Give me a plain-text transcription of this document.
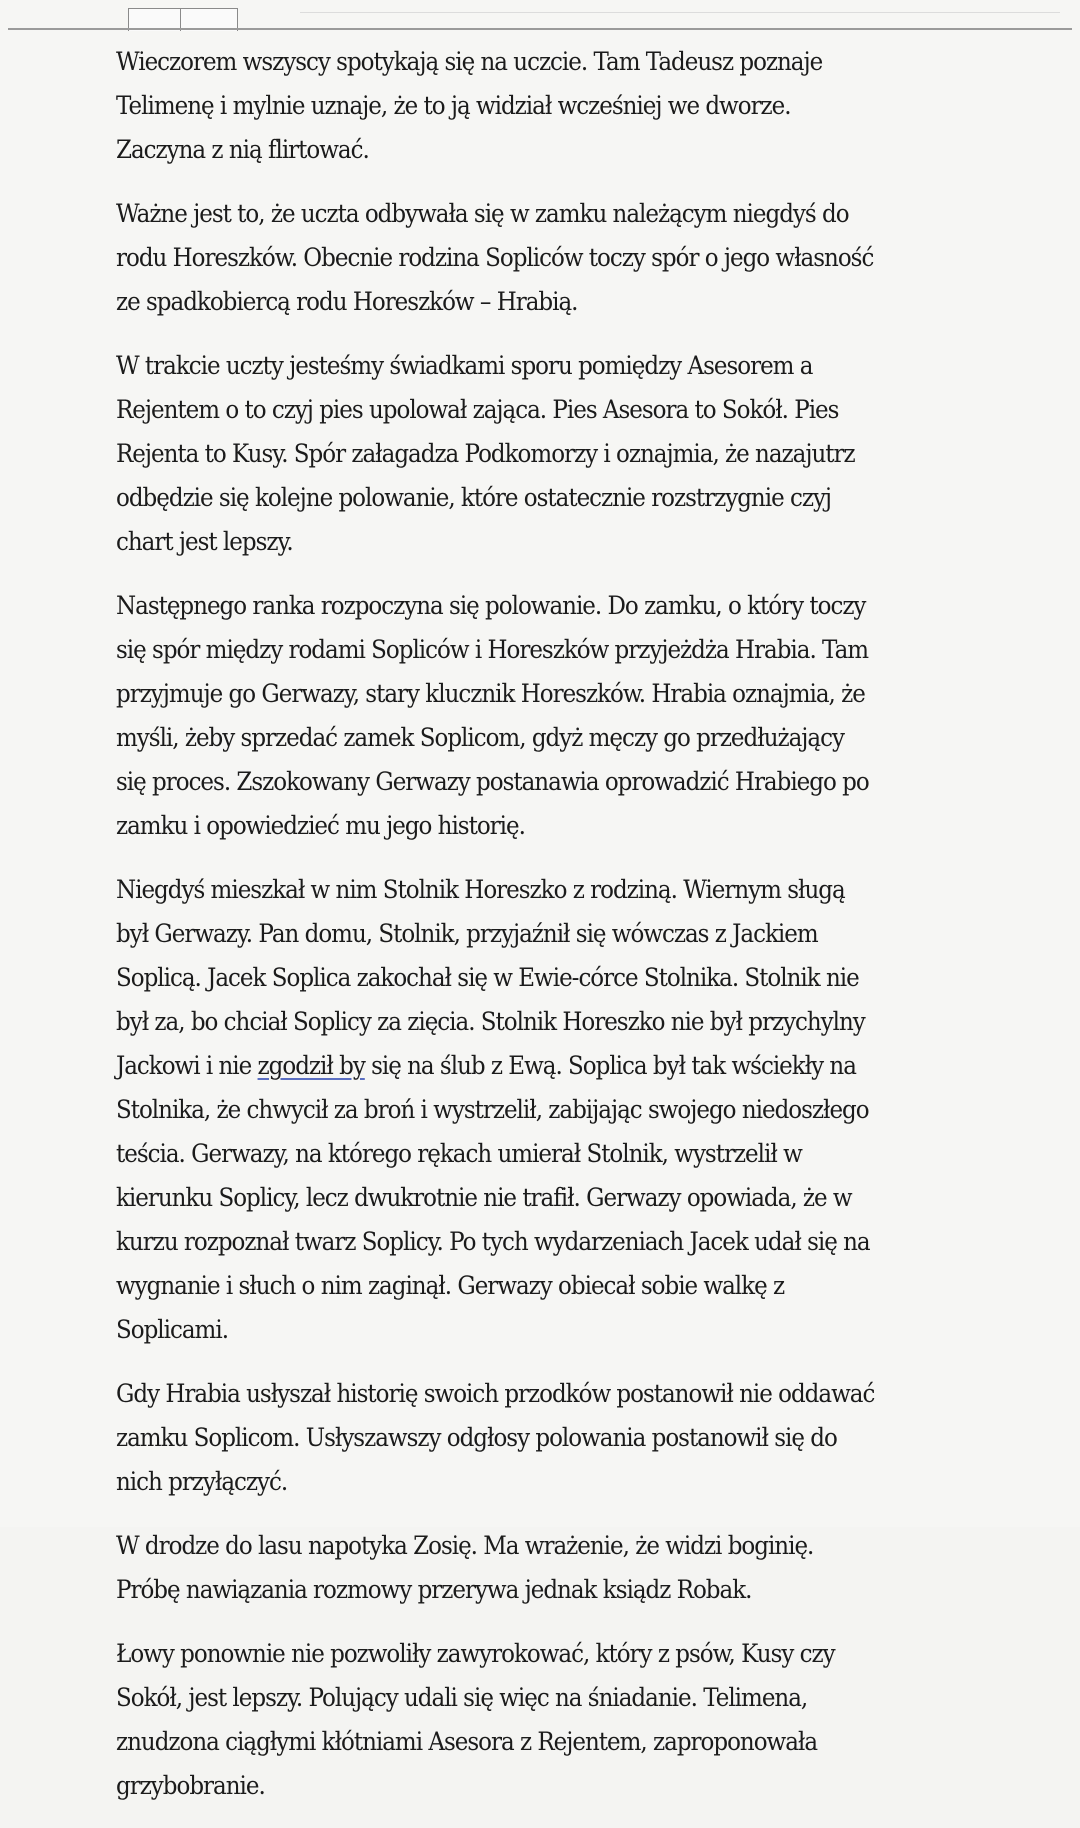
Wieczorem wszyscy spotykają się na uczcie. Tam Tadeusz poznaje Telimenę i mylnie uznaje, że to ją widział wcześniej we dworze. Zaczyna z nią flirtować.

Ważne jest to, że uczta odbywała się w zamku należącym niegdyś do rodu Horeszków. Obecnie rodzina Sopliców toczy spór o jego własność ze spadkobiercą rodu Horeszków – Hrabią.

W trakcie uczty jesteśmy świadkami sporu pomiędzy Asesorem a Rejentem o to czyj pies upolował zająca. Pies Asesora to Sokół. Pies Rejenta to Kusy. Spór załagadza Podkomorzy i oznajmia, że nazajutrz odbędzie się kolejne polowanie, które ostatecznie rozstrzygnie czyj chart jest lepszy.

Następnego ranka rozpoczyna się polowanie. Do zamku, o który toczy się spór między rodami Sopliców i Horeszków przyjeżdża Hrabia. Tam przyjmuje go Gerwazy, stary klucznik Horeszków. Hrabia oznajmia, że myśli, żeby sprzedać zamek Soplicom, gdyż męczy go przedłużający się proces. Zszokowany Gerwazy postanawia oprowadzić Hrabiego po zamku i opowiedzieć mu jego historię.

Niegdyś mieszkał w nim Stolnik Horeszko z rodziną. Wiernym sługą był Gerwazy. Pan domu, Stolnik, przyjaźnił się wówczas z Jackiem Soplicą. Jacek Soplica zakochał się w Ewie-córce Stolnika. Stolnik nie był za, bo chciał Soplicy za zięcia. Stolnik Horeszko nie był przychylny Jackowi i nie zgodził by się na ślub z Ewą. Soplica był tak wściekły na Stolnika, że chwycił za broń i wystrzelił, zabijając swojego niedoszłego teścia. Gerwazy, na którego rękach umierał Stolnik, wystrzelił w kierunku Soplicy, lecz dwukrotnie nie trafił. Gerwazy opowiada, że w kurzu rozpoznał twarz Soplicy. Po tych wydarzeniach Jacek udał się na wygnanie i słuch o nim zaginął. Gerwazy obiecał sobie walkę z Soplicami.

Gdy Hrabia usłyszał historię swoich przodków postanowił nie oddawać zamku Soplicom. Usłyszawszy odgłosy polowania postanowił się do nich przyłączyć.

W drodze do lasu napotyka Zosię. Ma wrażenie, że widzi boginię. Próbę nawiązania rozmowy przerywa jednak ksiądz Robak.

Łowy ponownie nie pozwoliły zawyrokować, który z psów, Kusy czy Sokół, jest lepszy. Polujący udali się więc na śniadanie. Telimena, znudzona ciągłymi kłótniami Asesora z Rejentem, zaproponowała grzybobranie.
